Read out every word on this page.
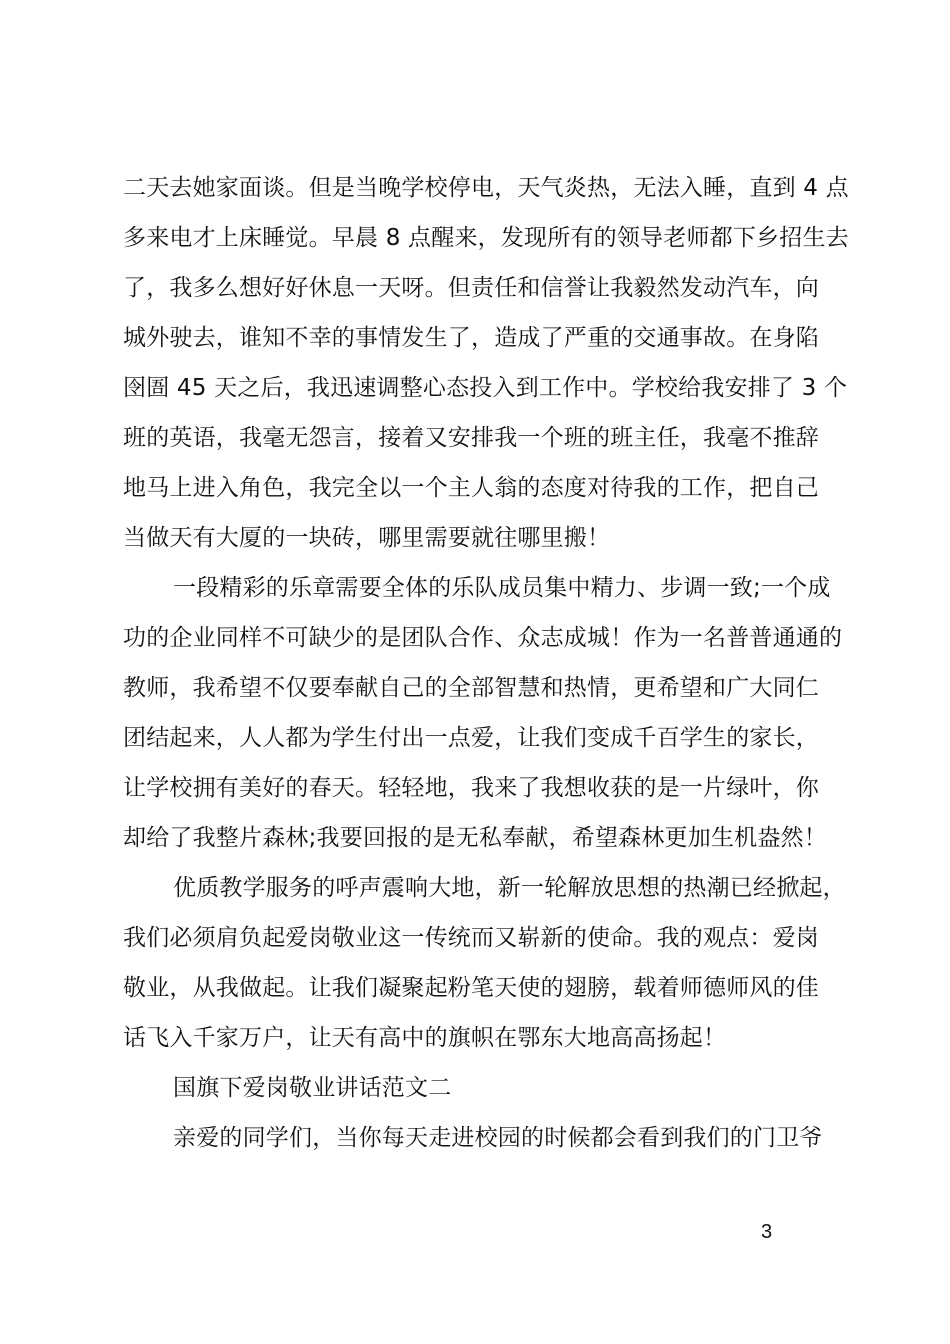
二天去她家面谈。但是当晚学校停电，天气炎热，无法入睡，直到 4 点
多来电才上床睡觉。早晨 8 点醒来，发现所有的领导老师都下乡招生去
了，我多么想好好休息一天呀。但责任和信誉让我毅然发动汽车，向
城外驶去，谁知不幸的事情发生了，造成了严重的交通事故。在身陷
囹圄 45 天之后，我迅速调整心态投入到工作中。学校给我安排了 3 个
班的英语，我毫无怨言，接着又安排我一个班的班主任，我毫不推辞
地马上进入角色，我完全以一个主人翁的态度对待我的工作，把自己
当做天有大厦的一块砖，哪里需要就往哪里搬！
一段精彩的乐章需要全体的乐队成员集中精力、步调一致;一个成
功的企业同样不可缺少的是团队合作、众志成城！作为一名普普通通的
教师，我希望不仅要奉献自己的全部智慧和热情，更希望和广大同仁
团结起来，人人都为学生付出一点爱，让我们变成千百学生的家长，
让学校拥有美好的春天。轻轻地，我来了我想收获的是一片绿叶，你
却给了我整片森林;我要回报的是无私奉献，希望森林更加生机盎然！
优质教学服务的呼声震响大地，新一轮解放思想的热潮已经掀起，
我们必须肩负起爱岗敬业这一传统而又崭新的使命。我的观点：爱岗
敬业，从我做起。让我们凝聚起粉笔天使的翅膀，载着师德师风的佳
话飞入千家万户，让天有高中的旗帜在鄂东大地高高扬起！
国旗下爱岗敬业讲话范文二
亲爱的同学们，当你每天走进校园的时候都会看到我们的门卫爷
3
